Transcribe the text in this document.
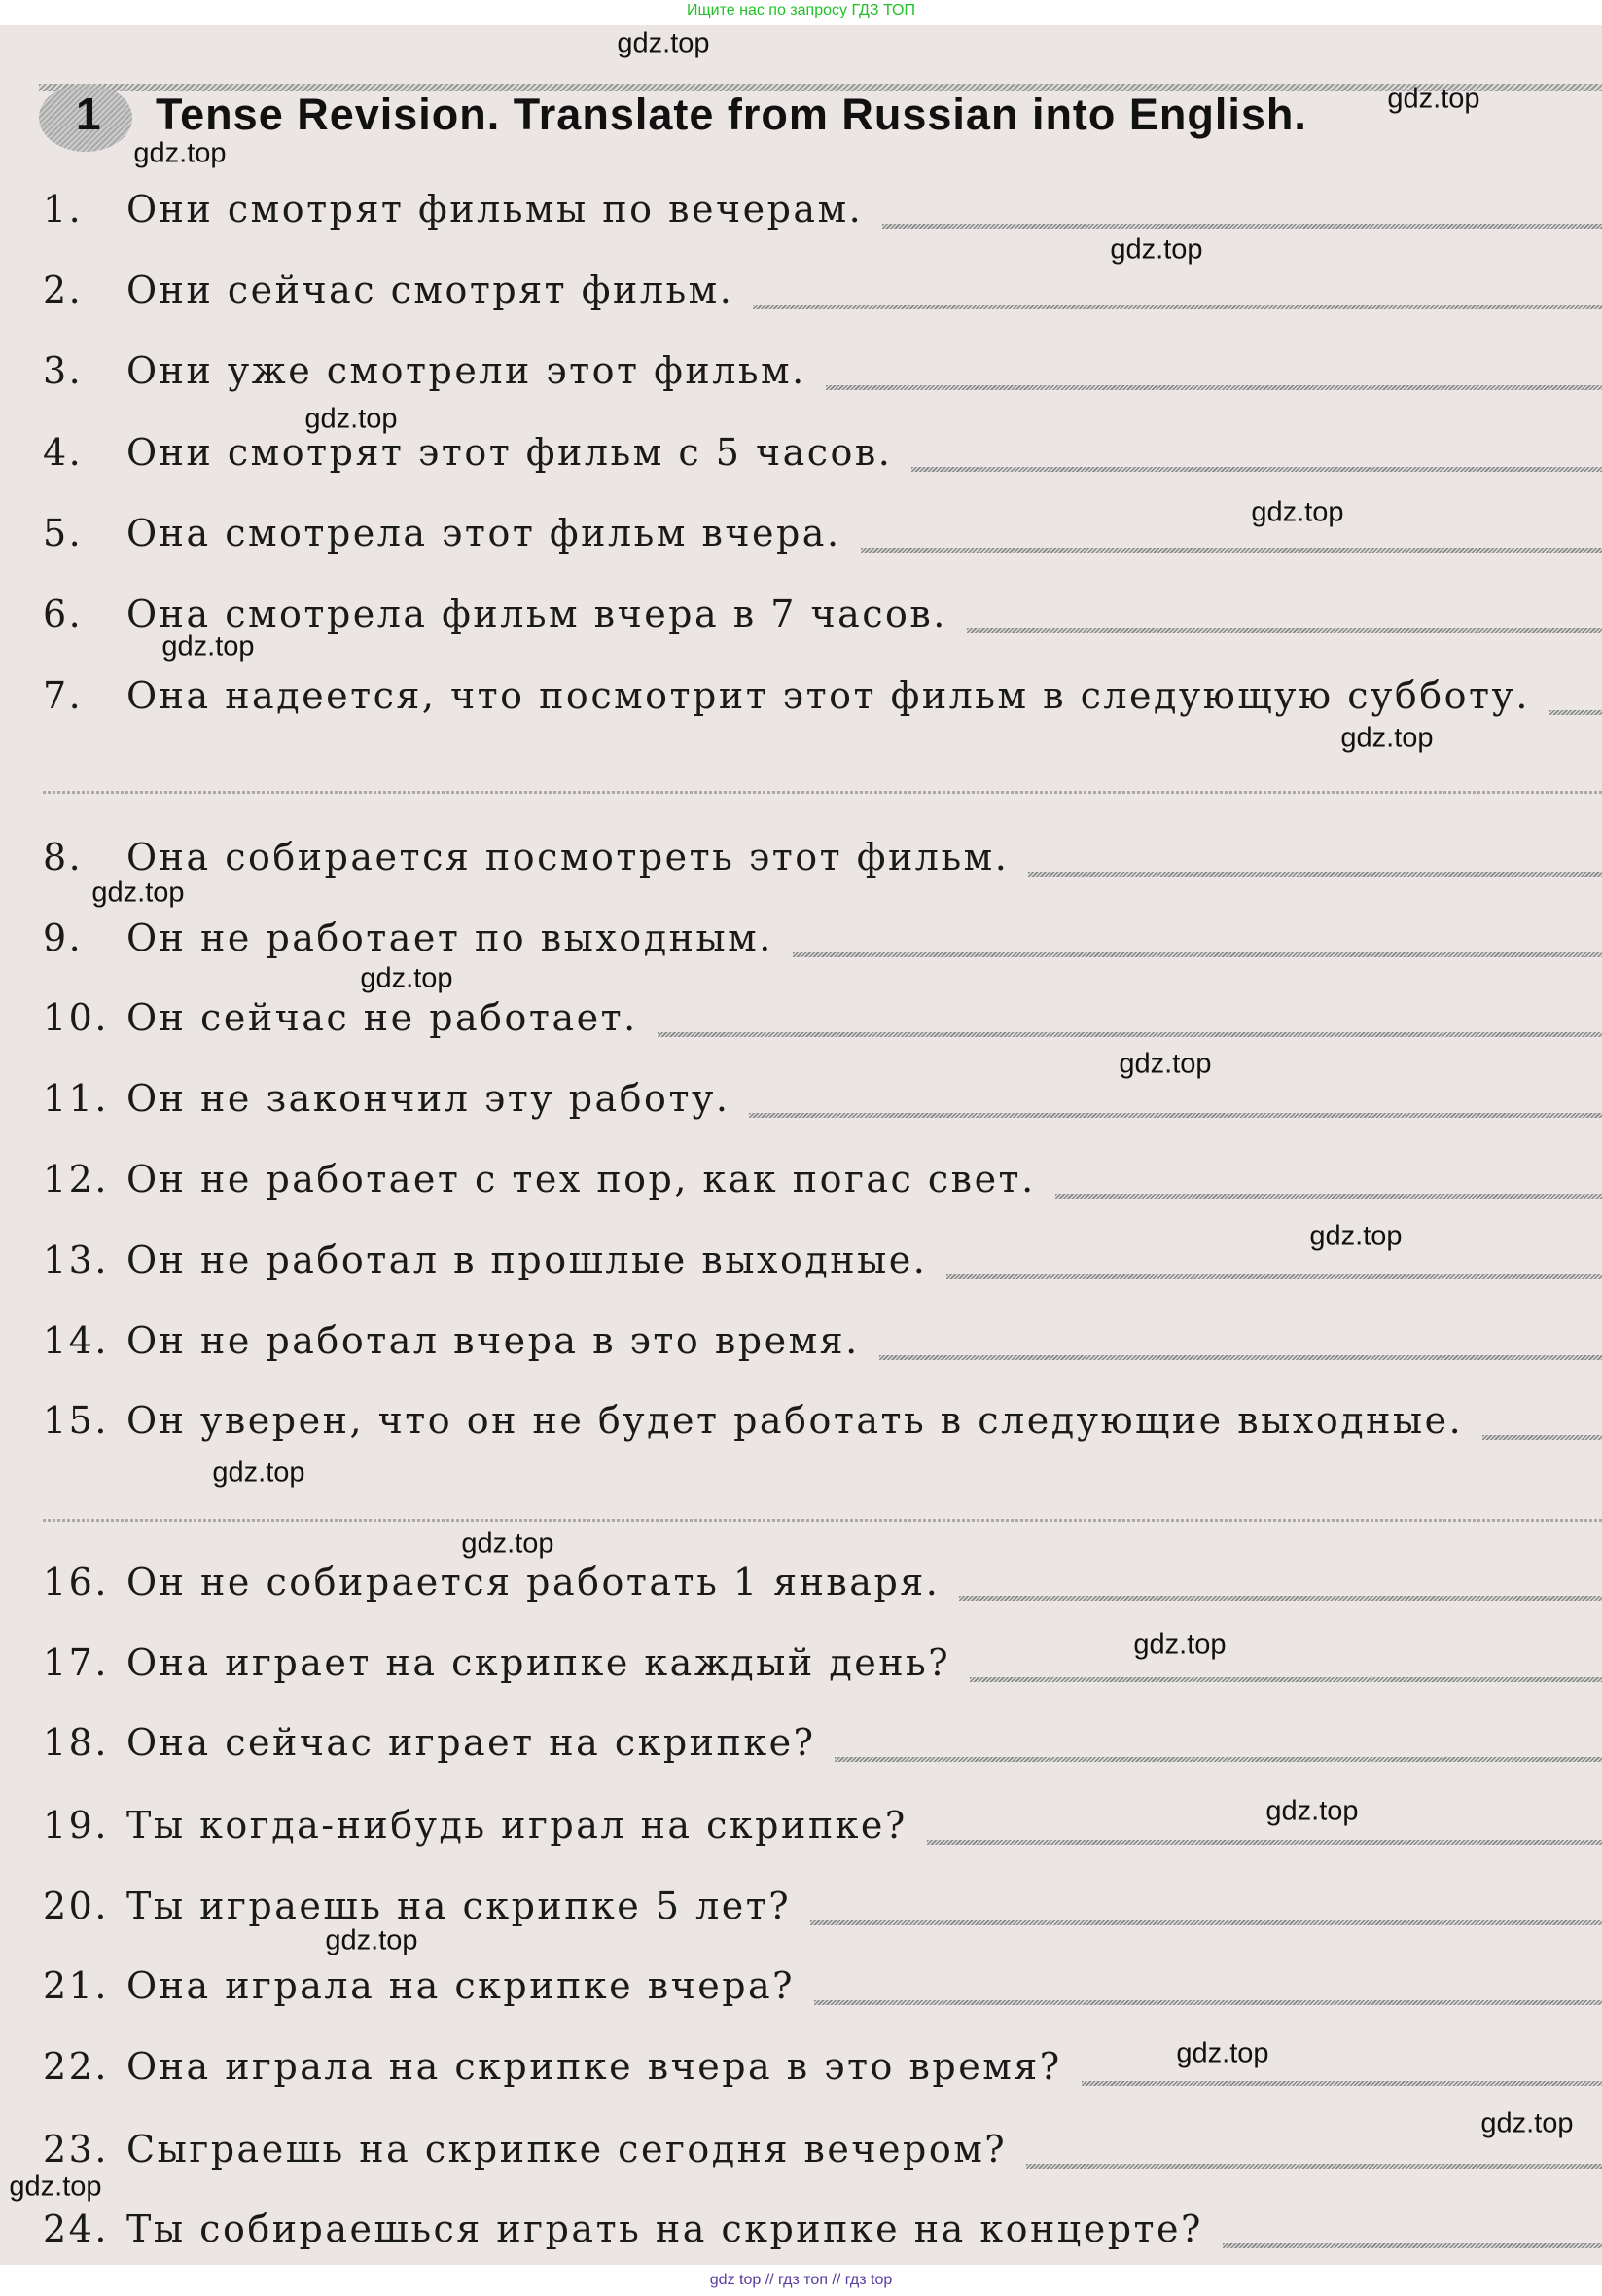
Ищите нас по запросу ГДЗ ТОП
1 Tense Revision. Translate from Russian into English.
1.	Они смотрят фильмы по вечерам.
2.	Они сейчас смотрят фильм.
3.	Они уже смотрели этот фильм.
4.	Они смотрят этот фильм с 5 часов.
5.	Она смотрела этот фильм вчера.
6.	Она смотрела фильм вчера в 7 часов.
7.	Она надеется, что посмотрит этот фильм в следующую субботу.
8.	Она собирается посмотреть этот фильм.
9.	Он не работает по выходным.
10. Он сейчас не работает.
11. Он не закончил эту работу.
12. Он не работает с тех пор, как погас свет.
13. Он не работал в прошлые выходные.
14. Он не работал вчера в это время.
15. Он уверен, что он не будет работать в следующие выходные.
16. Он не собирается работать 1 января.
17. Она играет на скрипке каждый день?
18. Она сейчас играет на скрипке?
19. Ты когда-нибудь играл на скрипке?
20. Ты играешь на скрипке 5 лет?
21. Она играла на скрипке вчера?
22. Она играла на скрипке вчера в это время?
23. Сыграешь на скрипке сегодня вечером?
24. Ты собираешься играть на скрипке на концерте?
gdz.top
gdz.top
gdz.top
gdz.top
gdz.top
gdz.top
gdz.top
gdz.top
gdz.top
gdz.top
gdz.top
gdz.top
gdz.top
gdz.top
gdz.top
gdz.top
gdz.top
gdz.top
gdz.top
gdz.top
gdz top // гдз топ // гдз top
